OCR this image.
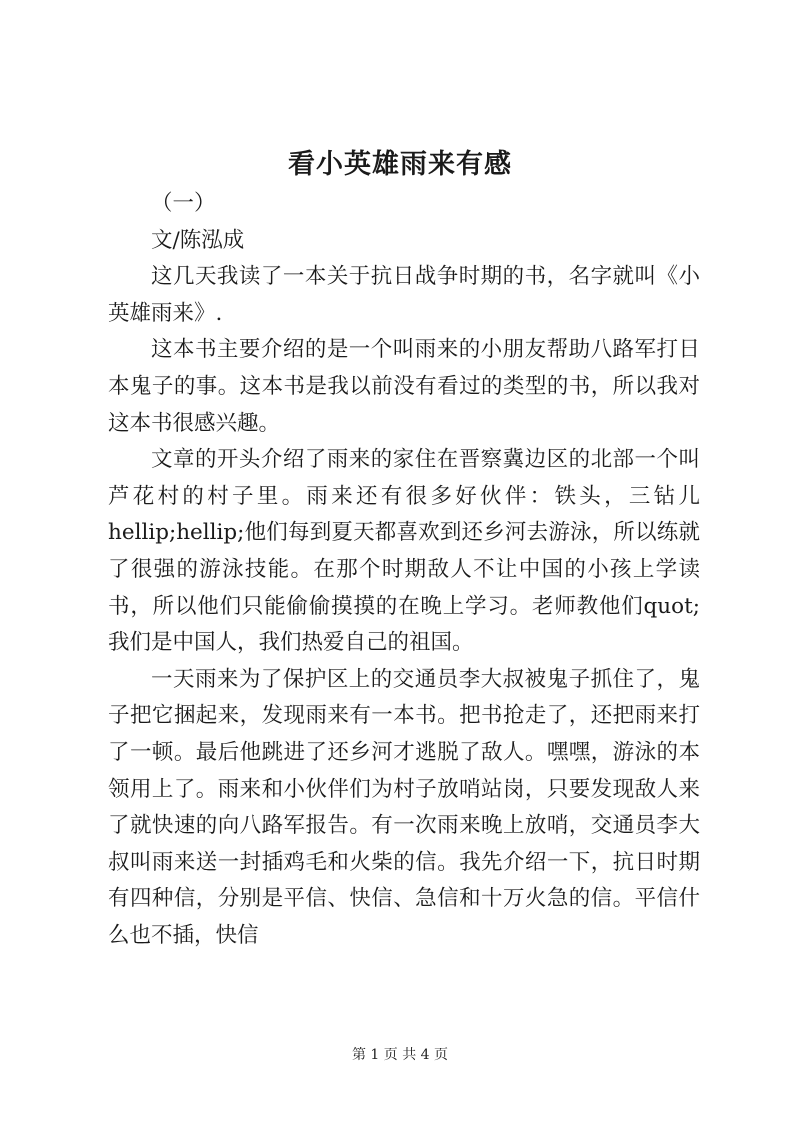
看小英雄雨来有感

（一）

文/陈泓成

这几天我读了一本关于抗日战争时期的书，名字就叫《小英雄雨来》.

这本书主要介绍的是一个叫雨来的小朋友帮助八路军打日本鬼子的事。这本书是我以前没有看过的类型的书，所以我对这本书很感兴趣。

文章的开头介绍了雨来的家住在晋察冀边区的北部一个叫芦花村的村子里。雨来还有很多好伙伴：铁头，三钻儿hellip;hellip;他们每到夏天都喜欢到还乡河去游泳，所以练就了很强的游泳技能。在那个时期敌人不让中国的小孩上学读书，所以他们只能偷偷摸摸的在晚上学习。老师教他们quot;我们是中国人，我们热爱自己的祖国。

一天雨来为了保护区上的交通员李大叔被鬼子抓住了，鬼子把它捆起来，发现雨来有一本书。把书抢走了，还把雨来打了一顿。最后他跳进了还乡河才逃脱了敌人。嘿嘿，游泳的本领用上了。雨来和小伙伴们为村子放哨站岗，只要发现敌人来了就快速的向八路军报告。有一次雨来晚上放哨，交通员李大叔叫雨来送一封插鸡毛和火柴的信。我先介绍一下，抗日时期有四种信，分别是平信、快信、急信和十万火急的信。平信什么也不插，快信

第 1 页 共 4 页
